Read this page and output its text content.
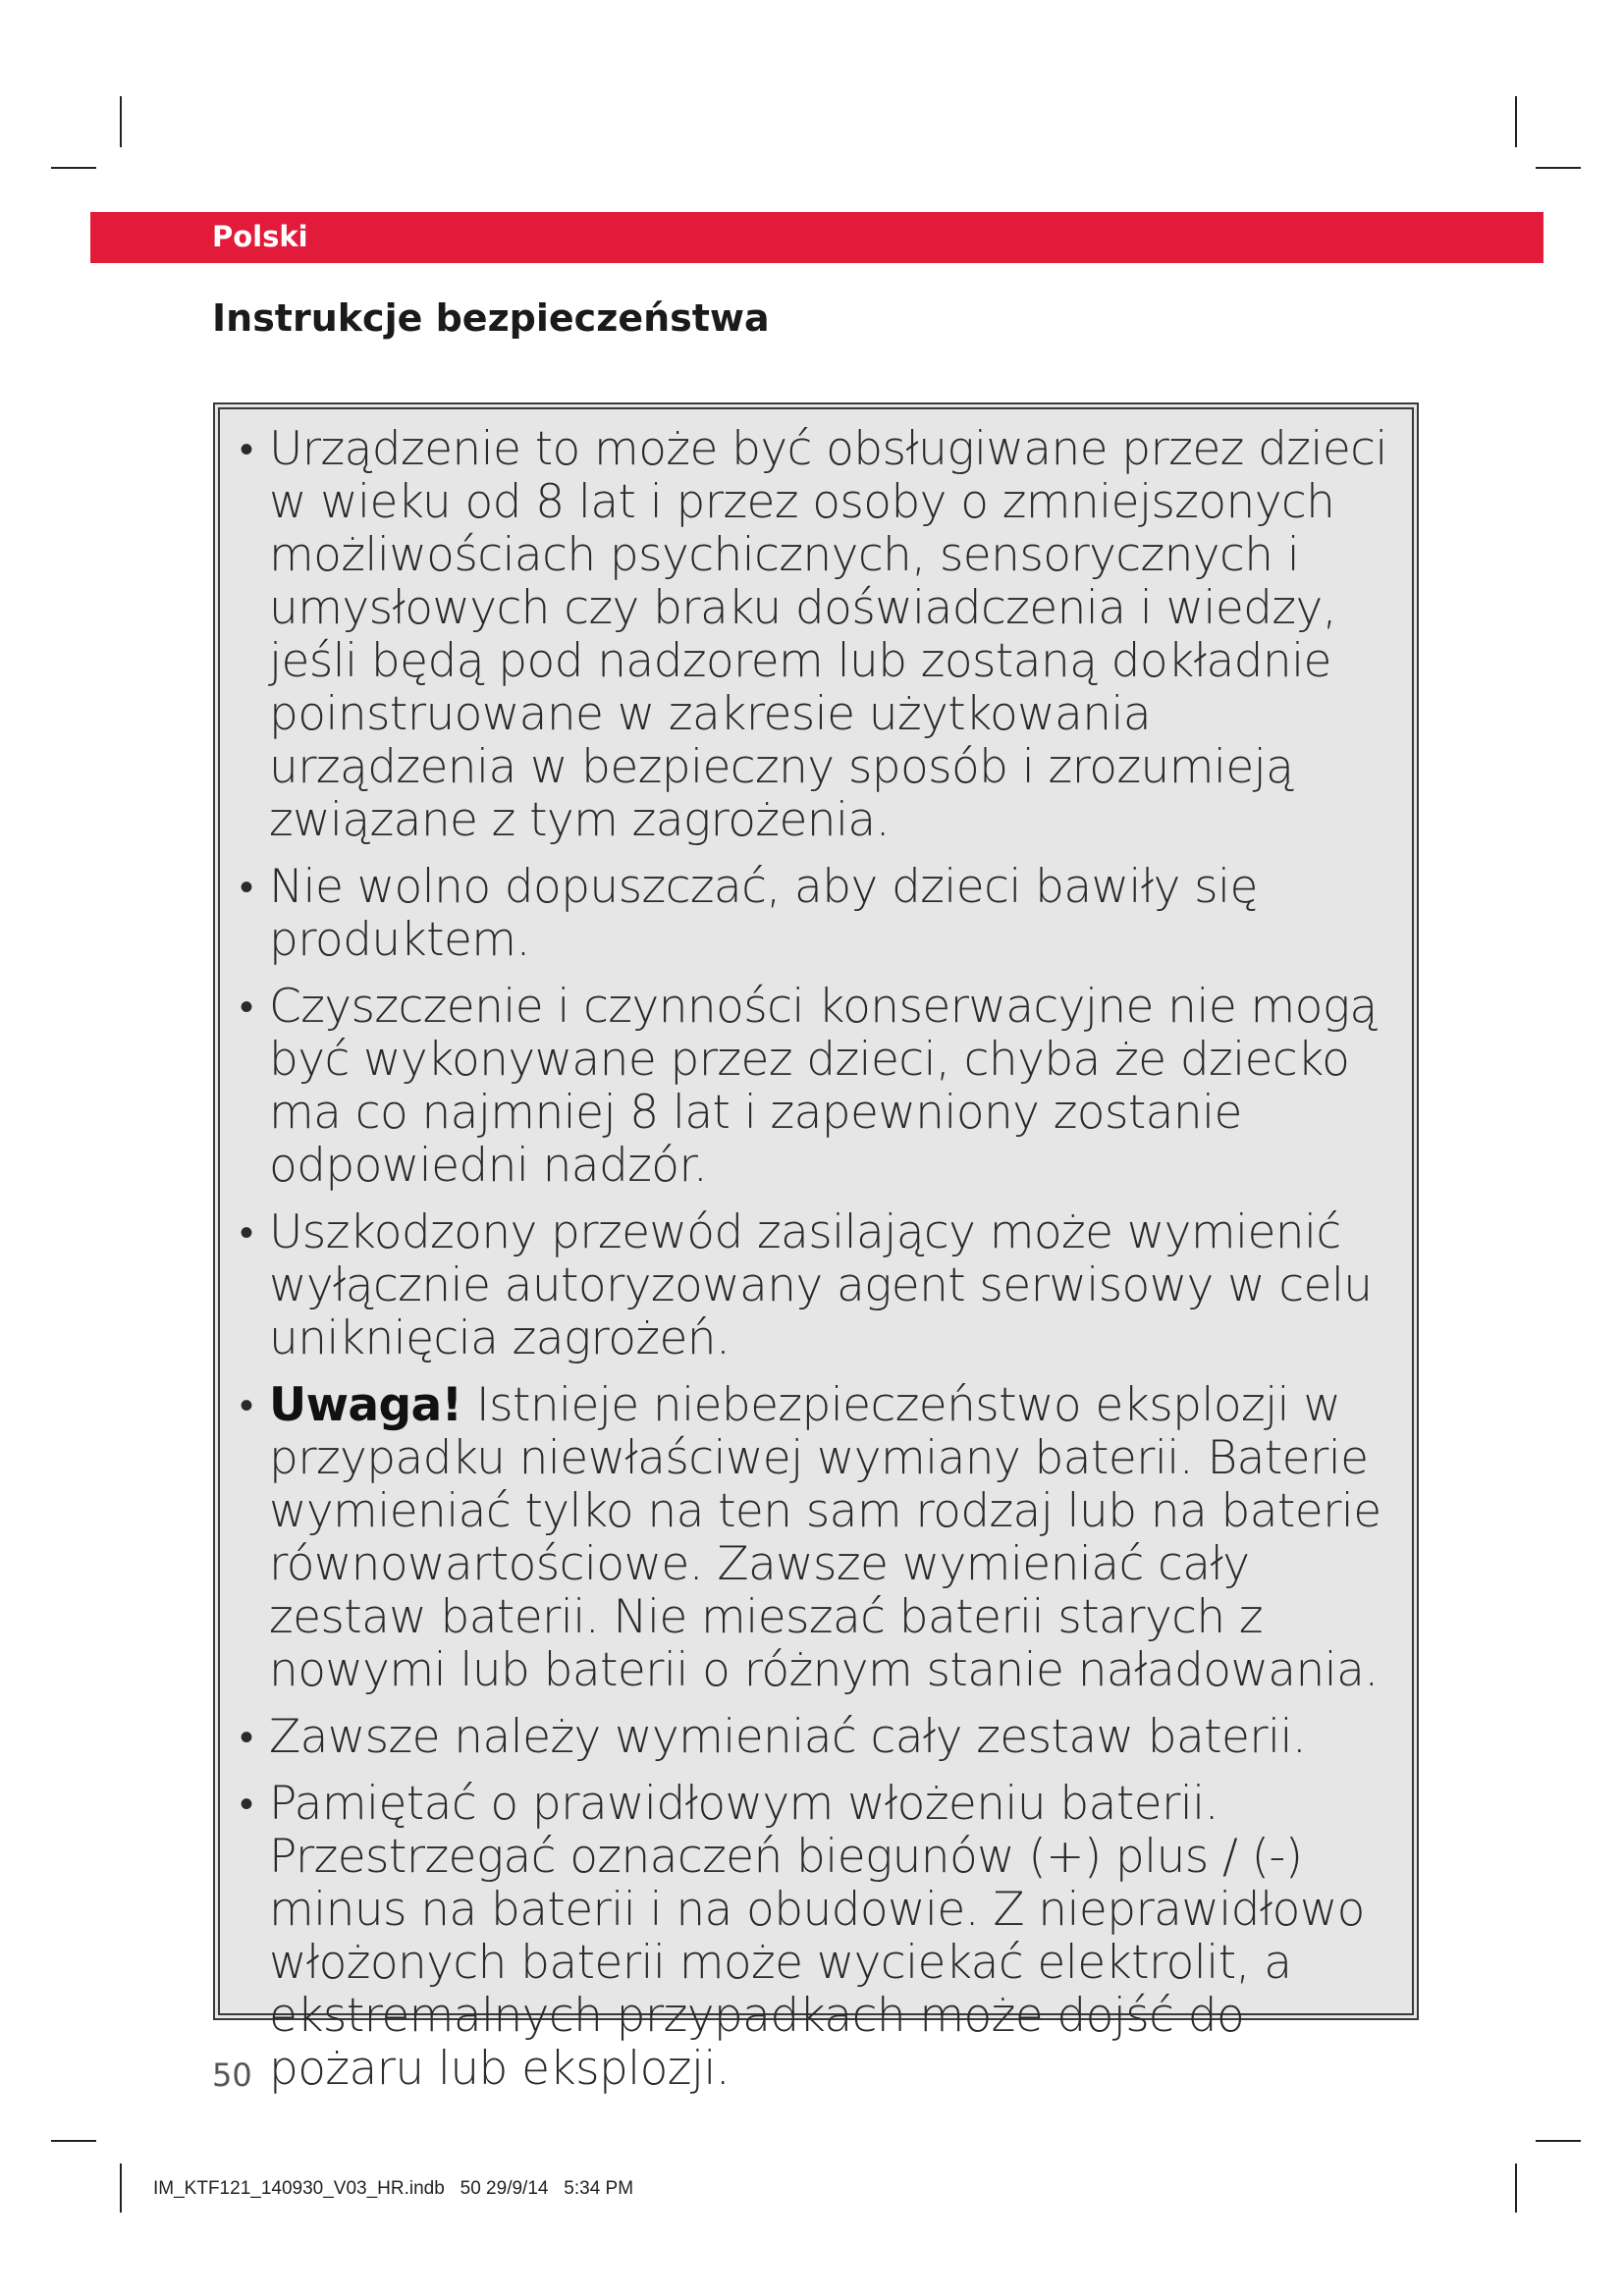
Polski
Instrukcje bezpieczeństwa
• Urządzenie to może być obsługiwane przez dzieci w wieku od 8 lat i przez osoby o zmniejszonych możliwościach psychicznych, sensorycznych i umysłowych czy braku doświadczenia i wiedzy, jeśli będą pod nadzorem lub zostaną dokładnie poinstruowane w zakresie użytkowania urządzenia w bezpieczny sposób i zrozumieją związane z tym zagrożenia.
• Nie wolno dopuszczać, aby dzieci bawiły się produktem.
• Czyszczenie i czynności konserwacyjne nie mogą być wykonywane przez dzieci, chyba że dziecko ma co najmniej 8 lat i zapewniony zostanie odpowiedni nadzór.
• Uszkodzony przewód zasilający może wymienić wyłącznie autoryzowany agent serwisowy w celu uniknięcia zagrożeń.
• Uwaga! Istnieje niebezpieczeństwo eksplozji w przypadku niewłaściwej wymiany baterii. Baterie wymieniać tylko na ten sam rodzaj lub na baterie równowartościowe. Zawsze wymieniać cały zestaw baterii. Nie mieszać baterii starych z nowymi lub baterii o różnym stanie naładowania.
• Zawsze należy wymieniać cały zestaw baterii.
• Pamiętać o prawidłowym włożeniu baterii. Przestrzegać oznaczeń biegunów (+) plus / (-) minus na baterii i na obudowie. Z nieprawidłowo włożonych baterii może wyciekać elektrolit, a ekstremalnych przypadkach może dojść do pożaru lub eksplozji.
50
IM_KTF121_140930_V03_HR.indb   50 29/9/14   5:34 PM
